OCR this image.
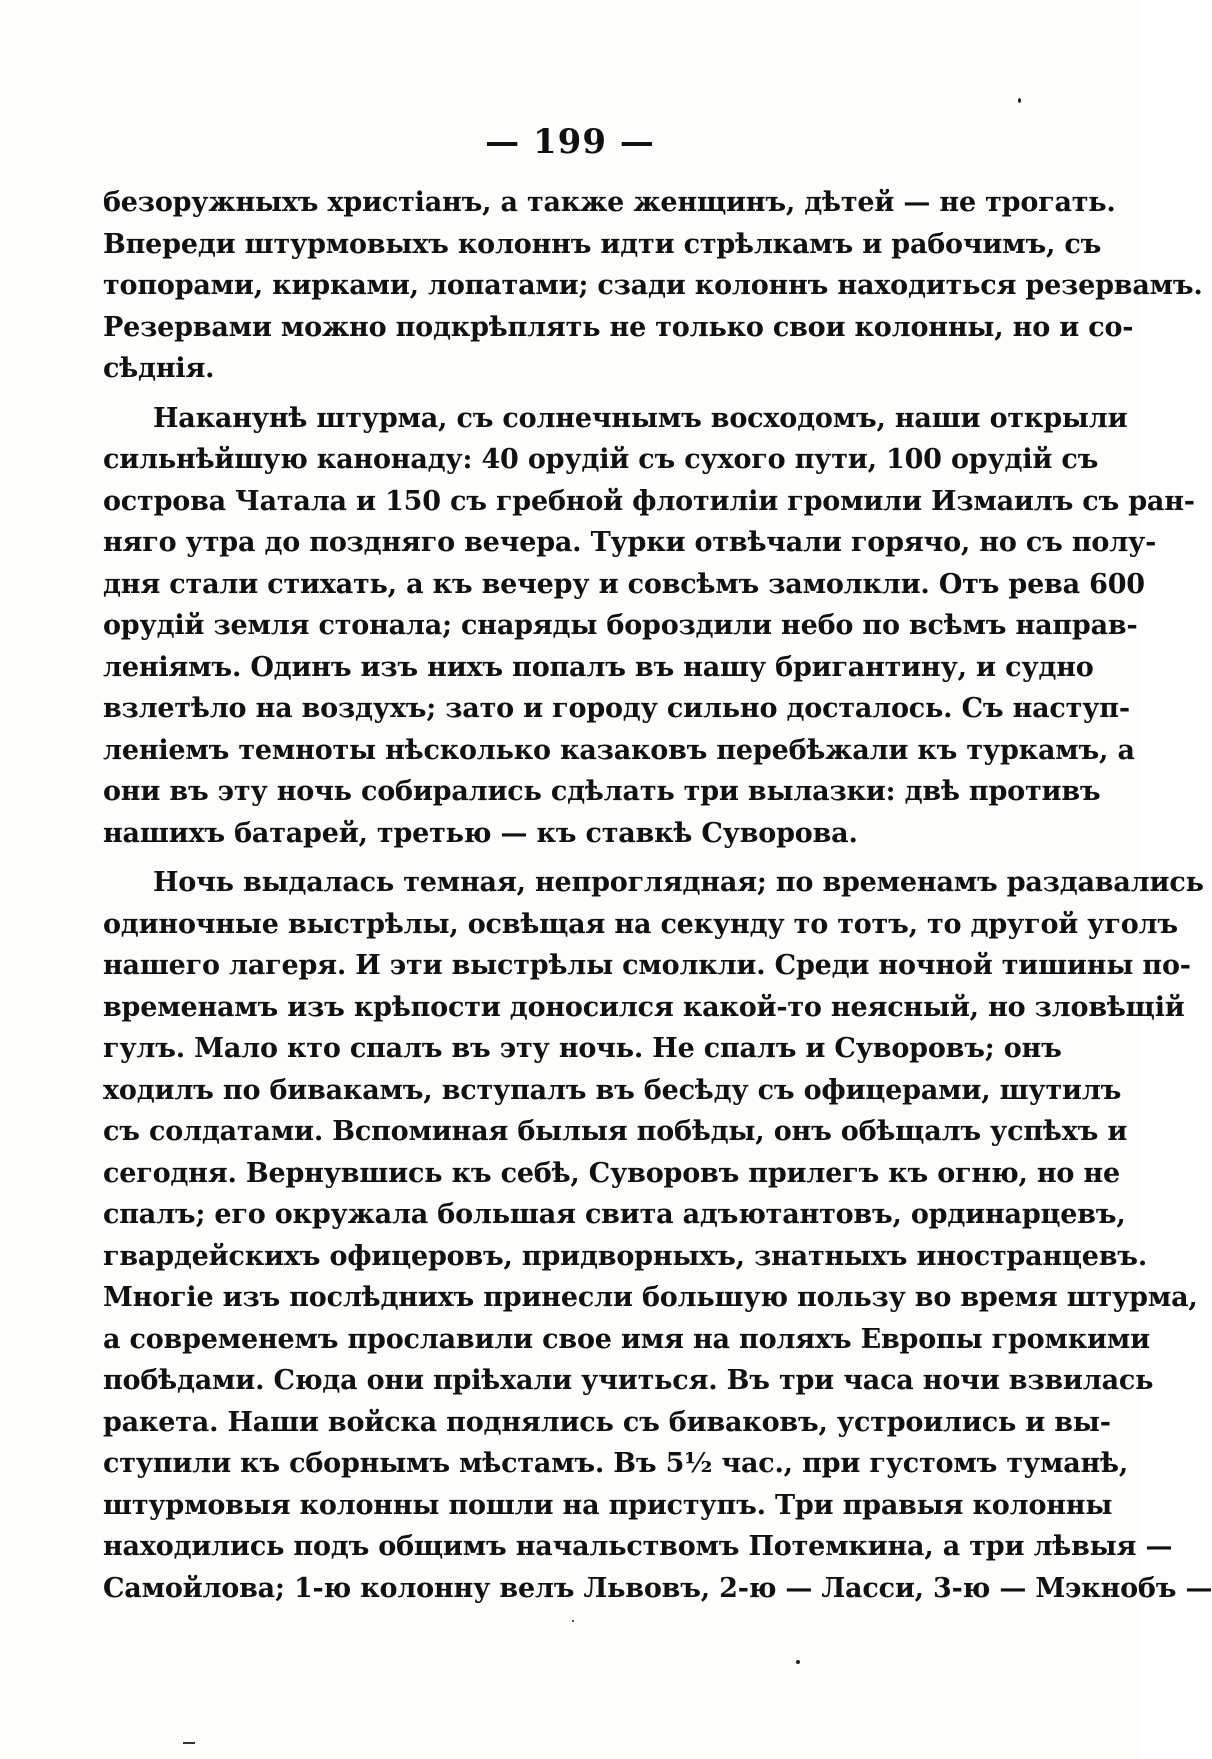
— 199 —
безоружныхъ христіанъ, а также женщинъ, дѣтей — не трогать.
Впереди штурмовыхъ колоннъ идти стрѣлкамъ и рабочимъ, съ
топорами, кирками, лопатами; сзади колоннъ находиться резервамъ.
Резервами можно подкрѣплять не только свои колонны, но и со-
сѣднія.
Наканунѣ штурма, съ солнечнымъ восходомъ, наши открыли
сильнѣйшую канонаду: 40 орудій съ сухого пути, 100 орудій съ
острова Чатала и 150 съ гребной флотиліи громили Измаилъ съ ран-
няго утра до поздняго вечера. Турки отвѣчали горячо, но съ полу-
дня стали стихать, а къ вечеру и совсѣмъ замолкли. Отъ рева 600
орудій земля стонала; снаряды бороздили небо по всѣмъ направ-
леніямъ. Одинъ изъ нихъ попалъ въ нашу бригантину, и судно
взлетѣло на воздухъ; зато и городу сильно досталось. Съ наступ-
леніемъ темноты нѣсколько казаковъ перебѣжали къ туркамъ, а
они въ эту ночь собирались сдѣлать три вылазки: двѣ противъ
нашихъ батарей, третью — къ ставкѣ Суворова.
Ночь выдалась темная, непроглядная; по временамъ раздавались
одиночные выстрѣлы, освѣщая на секунду то тотъ, то другой уголъ
нашего лагеря. И эти выстрѣлы смолкли. Среди ночной тишины по-
временамъ изъ крѣпости доносился какой-то неясный, но зловѣщій
гулъ. Мало кто спалъ въ эту ночь. Не спалъ и Суворовъ; онъ
ходилъ по бивакамъ, вступалъ въ бесѣду съ офицерами, шутилъ
съ солдатами. Вспоминая былыя побѣды, онъ обѣщалъ успѣхъ и
сегодня. Вернувшись къ себѣ, Суворовъ прилегъ къ огню, но не
спалъ; его окружала большая свита адъютантовъ, ординарцевъ,
гвардейскихъ офицеровъ, придворныхъ, знатныхъ иностранцевъ.
Многіе изъ послѣднихъ принесли большую пользу во время штурма,
а современемъ прославили свое имя на поляхъ Европы громкими
побѣдами. Сюда они пріѣхали учиться. Въ три часа ночи взвилась
ракета. Наши войска поднялись съ биваковъ, устроились и вы-
ступили къ сборнымъ мѣстамъ. Въ 5½ час., при густомъ туманѣ,
штурмовыя колонны пошли на приступъ. Три правыя колонны
находились подъ общимъ начальствомъ Потемкина, а три лѣвыя —
Самойлова; 1-ю колонну велъ Львовъ, 2-ю — Ласси, 3-ю — Мэкнобъ —
